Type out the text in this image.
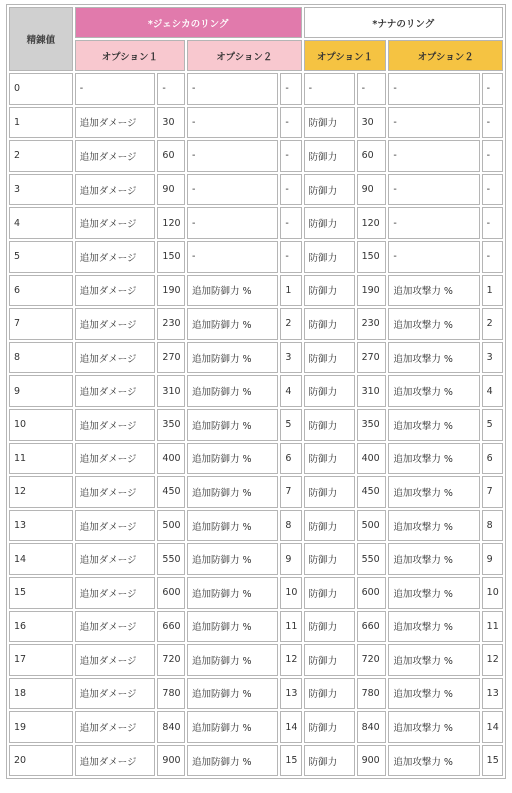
精錬値	*ジェシカのリング				*ナナのリング			
	オプション１		オプション２		オプション１		オプション２	
0	-	-	-	-	-	-	-	-
1	追加ダメージ	30	-	-	防御力	30	-	-
2	追加ダメージ	60	-	-	防御力	60	-	-
3	追加ダメージ	90	-	-	防御力	90	-	-
4	追加ダメージ	120	-	-	防御力	120	-	-
5	追加ダメージ	150	-	-	防御力	150	-	-
6	追加ダメージ	190	追加防御力 %	1	防御力	190	追加攻撃力 %	1
7	追加ダメージ	230	追加防御力 %	2	防御力	230	追加攻撃力 %	2
8	追加ダメージ	270	追加防御力 %	3	防御力	270	追加攻撃力 %	3
9	追加ダメージ	310	追加防御力 %	4	防御力	310	追加攻撃力 %	4
10	追加ダメージ	350	追加防御力 %	5	防御力	350	追加攻撃力 %	5
11	追加ダメージ	400	追加防御力 %	6	防御力	400	追加攻撃力 %	6
12	追加ダメージ	450	追加防御力 %	7	防御力	450	追加攻撃力 %	7
13	追加ダメージ	500	追加防御力 %	8	防御力	500	追加攻撃力 %	8
14	追加ダメージ	550	追加防御力 %	9	防御力	550	追加攻撃力 %	9
15	追加ダメージ	600	追加防御力 %	10	防御力	600	追加攻撃力 %	10
16	追加ダメージ	660	追加防御力 %	11	防御力	660	追加攻撃力 %	11
17	追加ダメージ	720	追加防御力 %	12	防御力	720	追加攻撃力 %	12
18	追加ダメージ	780	追加防御力 %	13	防御力	780	追加攻撃力 %	13
19	追加ダメージ	840	追加防御力 %	14	防御力	840	追加攻撃力 %	14
20	追加ダメージ	900	追加防御力 %	15	防御力	900	追加攻撃力 %	15
